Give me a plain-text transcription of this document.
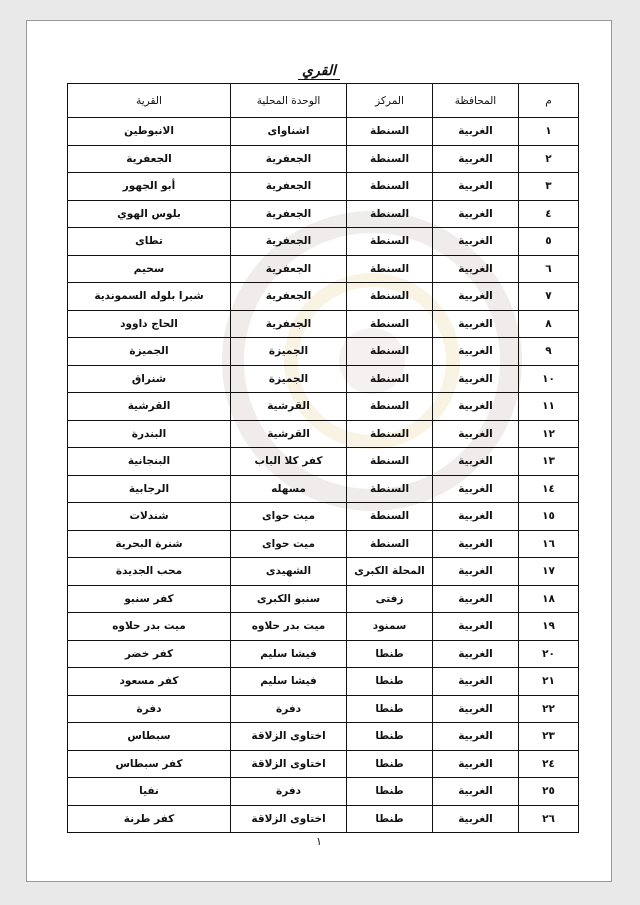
القري
م	المحافظة	المركز	الوحدة المحلية	القرية
١	الغربية	السنطة	اشناواى	الانبوطين
٢	الغربية	السنطة	الجعفرية	الجعفرية
٣	الغربية	السنطة	الجعفرية	أبو الجهور
٤	الغربية	السنطة	الجعفرية	بلوس الهوي
٥	الغربية	السنطة	الجعفرية	تطاى
٦	الغربية	السنطة	الجعفرية	سحيم
٧	الغربية	السنطة	الجعفرية	شبرا بلوله السموندية
٨	الغربية	السنطة	الجعفرية	الحاج داوود
٩	الغربية	السنطة	الجميزة	الجميزة
١٠	الغربية	السنطة	الجميزة	شنراق
١١	الغربية	السنطة	القرشية	القرشية
١٢	الغربية	السنطة	القرشية	البندرة
١٣	الغربية	السنطة	كفر كلا الباب	البنجانية
١٤	الغربية	السنطة	مسهله	الرجابية
١٥	الغربية	السنطة	ميت حواى	شندلات
١٦	الغربية	السنطة	ميت حواى	شنرة البحرية
١٧	الغربية	المحلة الكبرى	الشهيدى	محب الجديدة
١٨	الغربية	زفتى	سنبو الكبرى	كفر سنبو
١٩	الغربية	سمنود	ميت بدر حلاوه	ميت بدر حلاوه
٢٠	الغربية	طنطا	فيشا سليم	كفر خضر
٢١	الغربية	طنطا	فيشا سليم	كفر مسعود
٢٢	الغربية	طنطا	دفرة	دفرة
٢٣	الغربية	طنطا	اختاوى الزلاقة	سبطاس
٢٤	الغربية	طنطا	اختاوى الزلاقة	كفر سبطاس
٢٥	الغربية	طنطا	دفرة	نفيا
٢٦	الغربية	طنطا	اختاوى الزلاقة	كفر طرنة
١
